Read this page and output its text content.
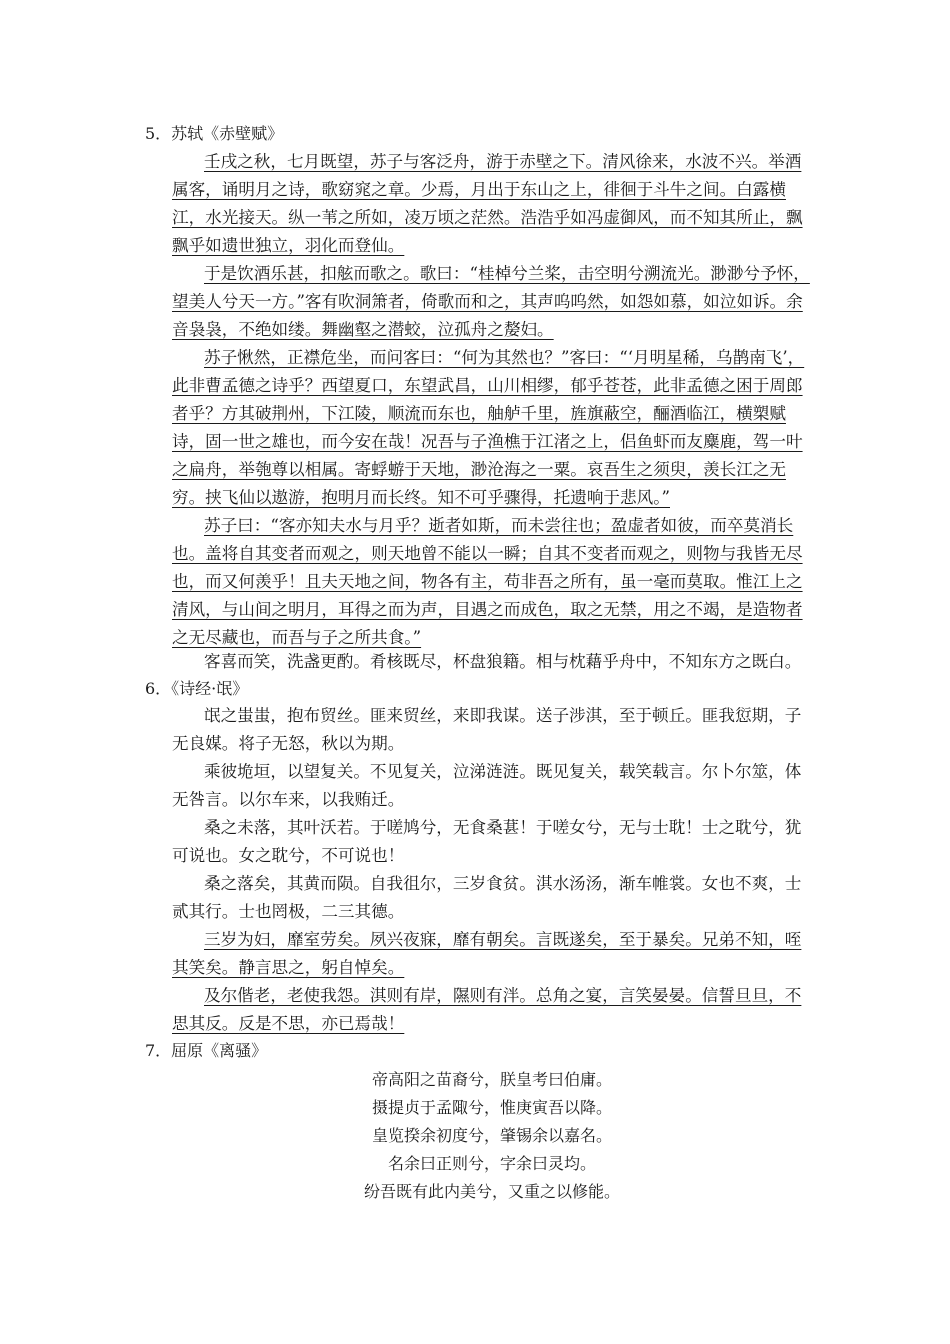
5．苏轼《赤壁赋》
壬戌之秋，七月既望，苏子与客泛舟，游于赤壁之下。清风徐来，水波不兴。举酒属客，诵明月之诗，歌窈窕之章。少焉，月出于东山之上，徘徊于斗牛之间。白露横江，水光接天。纵一苇之所如，凌万顷之茫然。浩浩乎如冯虚御风，而不知其所止，飘飘乎如遗世独立，羽化而登仙。
于是饮酒乐甚，扣舷而歌之。歌曰：“桂棹兮兰桨，击空明兮溯流光。渺渺兮予怀，望美人兮天一方。”客有吹洞箫者，倚歌而和之，其声呜呜然，如怨如慕，如泣如诉。余音袅袅，不绝如缕。舞幽壑之潜蛟，泣孤舟之嫠妇。
苏子愀然，正襟危坐，而问客曰：“何为其然也？”客曰：“‘月明星稀，乌鹊南飞’，此非曹孟德之诗乎？西望夏口，东望武昌，山川相缪，郁乎苍苍，此非孟德之困于周郎者乎？方其破荆州，下江陵，顺流而东也，舳舻千里，旌旗蔽空，酾酒临江，横槊赋诗，固一世之雄也，而今安在哉！况吾与子渔樵于江渚之上，侣鱼虾而友麋鹿，驾一叶之扁舟，举匏尊以相属。寄蜉蝣于天地，渺沧海之一粟。哀吾生之须臾，羡长江之无穷。挟飞仙以遨游，抱明月而长终。知不可乎骤得，托遗响于悲风。”
苏子曰：“客亦知夫水与月乎？逝者如斯，而未尝往也；盈虚者如彼，而卒莫消长也。盖将自其变者而观之，则天地曾不能以一瞬；自其不变者而观之，则物与我皆无尽也，而又何羡乎！且夫天地之间，物各有主，苟非吾之所有，虽一毫而莫取。惟江上之清风，与山间之明月，耳得之而为声，目遇之而成色，取之无禁，用之不竭，是造物者之无尽藏也，而吾与子之所共食。”
客喜而笑，洗盏更酌。肴核既尽，杯盘狼籍。相与枕藉乎舟中，不知东方之既白。
6．《诗经·氓》
氓之蚩蚩，抱布贸丝。匪来贸丝，来即我谋。送子涉淇，至于顿丘。匪我愆期，子无良媒。将子无怒，秋以为期。
乘彼垝垣，以望复关。不见复关，泣涕涟涟。既见复关，载笑载言。尔卜尔筮，体无咎言。以尔车来，以我贿迁。
桑之未落，其叶沃若。于嗟鸠兮，无食桑葚！于嗟女兮，无与士耽！士之耽兮，犹可说也。女之耽兮，不可说也！
桑之落矣，其黄而陨。自我徂尔，三岁食贫。淇水汤汤，渐车帷裳。女也不爽，士贰其行。士也罔极，二三其德。
三岁为妇，靡室劳矣。夙兴夜寐，靡有朝矣。言既遂矣，至于暴矣。兄弟不知，咥其笑矣。静言思之，躬自悼矣。
及尔偕老，老使我怨。淇则有岸，隰则有泮。总角之宴，言笑晏晏。信誓旦旦，不思其反。反是不思，亦已焉哉！
7．屈原《离骚》
帝高阳之苗裔兮，朕皇考曰伯庸。
摄提贞于孟陬兮，惟庚寅吾以降。
皇览揆余初度兮，肇锡余以嘉名。
名余曰正则兮，字余曰灵均。
纷吾既有此内美兮，又重之以修能。
